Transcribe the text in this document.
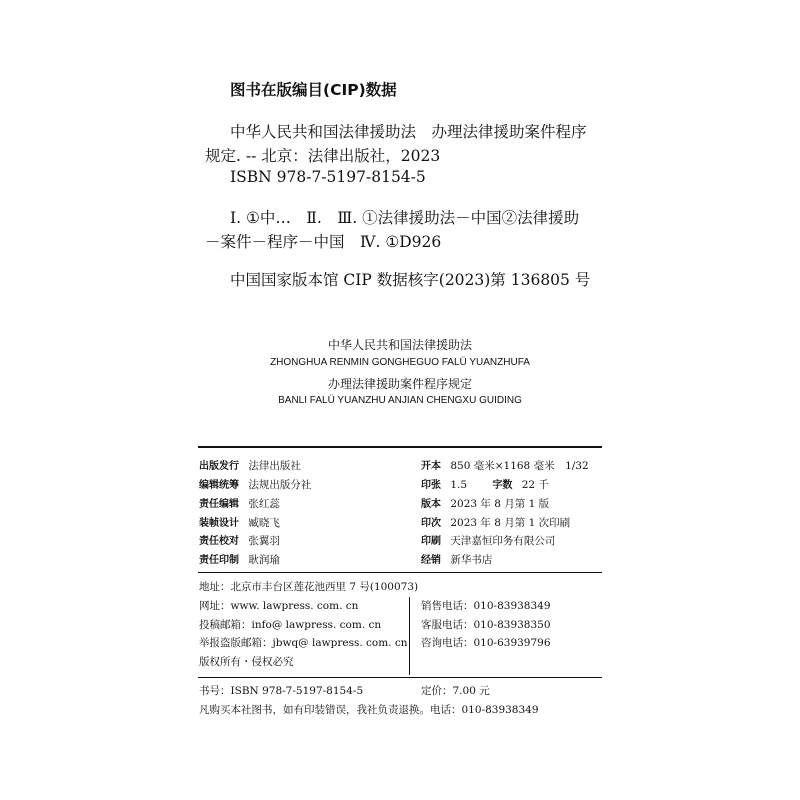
图书在版编目(CIP)数据
中华人民共和国法律援助法　办理法律援助案件程序
规定. -- 北京：法律出版社，2023
ISBN 978-7-5197-8154-5
Ⅰ. ①中…　Ⅱ.　Ⅲ. ①法律援助法－中国②法律援助
－案件－程序－中国　Ⅳ. ①D926
中国国家版本馆 CIP 数据核字(2023)第 136805 号
中华人民共和国法律援助法
ZHONGHUA RENMIN GONGHEGUO FALÜ YUANZHUFA
办理法律援助案件程序规定
BANLI FALÜ YUANZHU ANJIAN CHENGXU GUIDING
出版发行 法律出版社
编辑统筹 法规出版分社
责任编辑 张红蕊
装帧设计 臧晓飞
责任校对 张翼羽
责任印制 耿润瑜
开本 850 毫米×1168 毫米　1/32
印张 1.5	字数 22 千
版本 2023 年 8 月第 1 版
印次 2023 年 8 月第 1 次印刷
印刷 天津嘉恒印务有限公司
经销 新华书店
地址：北京市丰台区莲花池西里 7 号(100073)
网址：www. lawpress. com. cn
投稿邮箱：info@ lawpress. com. cn
举报盗版邮箱：jbwq@ lawpress. com. cn
版权所有・侵权必究
销售电话：010-83938349
客服电话：010-83938350
咨询电话：010-63939796
书号：ISBN 978-7-5197-8154-5	定价：7.00 元
凡购买本社图书，如有印装错误，我社负责退换。电话：010-83938349
